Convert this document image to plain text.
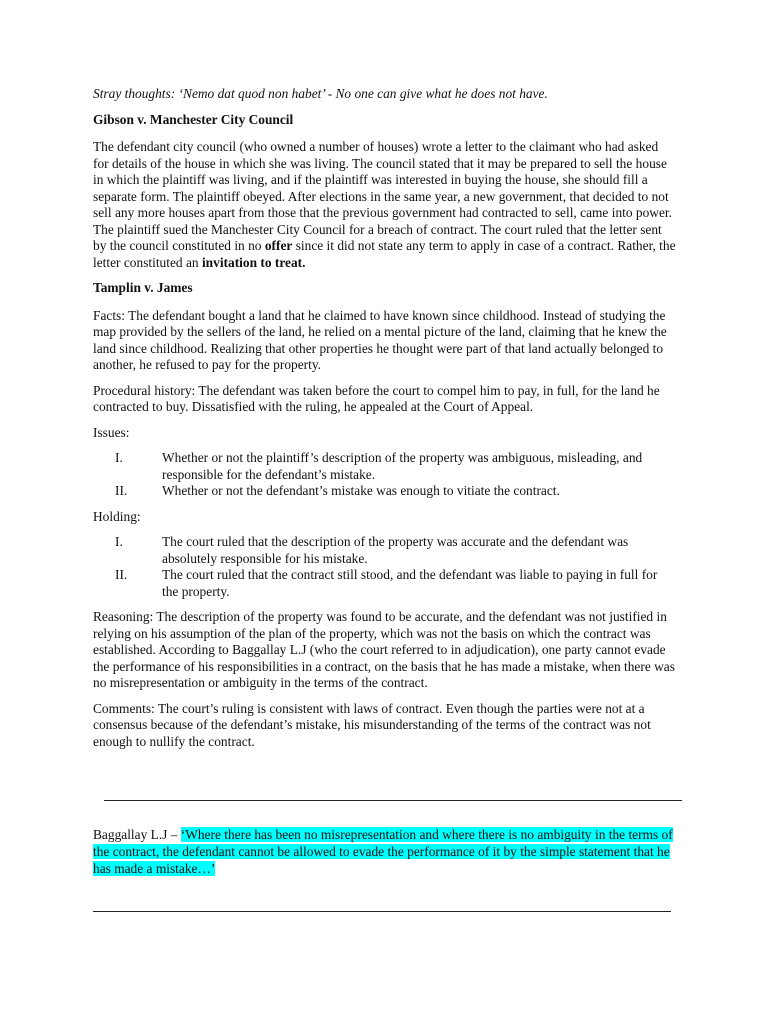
Stray thoughts: ‘Nemo dat quod non habet’ - No one can give what he does not have.

Gibson v. Manchester City Council

The defendant city council (who owned a number of houses) wrote a letter to the claimant who had asked for details of the house in which she was living. The council stated that it may be prepared to sell the house in which the plaintiff was living, and if the plaintiff was interested in buying the house, she should fill a separate form. The plaintiff obeyed. After elections in the same year, a new government, that decided to not sell any more houses apart from those that the previous government had contracted to sell, came into power. The plaintiff sued the Manchester City Council for a breach of contract. The court ruled that the letter sent by the council constituted in no offer since it did not state any term to apply in case of a contract. Rather, the letter constituted an invitation to treat.

Tamplin v. James

Facts: The defendant bought a land that he claimed to have known since childhood. Instead of studying the map provided by the sellers of the land, he relied on a mental picture of the land, claiming that he knew the land since childhood. Realizing that other properties he thought were part of that land actually belonged to another, he refused to pay for the property.

Procedural history: The defendant was taken before the court to compel him to pay, in full, for the land he contracted to buy. Dissatisfied with the ruling, he appealed at the Court of Appeal.

Issues:

I.	Whether or not the plaintiff’s description of the property was ambiguous, misleading, and responsible for the defendant’s mistake.
II.	Whether or not the defendant’s mistake was enough to vitiate the contract.

Holding:

I.	The court ruled that the description of the property was accurate and the defendant was absolutely responsible for his mistake.
II.	The court ruled that the contract still stood, and the defendant was liable to paying in full for the property.

Reasoning: The description of the property was found to be accurate, and the defendant was not justified in relying on his assumption of the plan of the property, which was not the basis on which the contract was established. According to Baggallay L.J (who the court referred to in adjudication), one party cannot evade the performance of his responsibilities in a contract, on the basis that he has made a mistake, when there was no misrepresentation or ambiguity in the terms of the contract.

Comments: The court’s ruling is consistent with laws of contract. Even though the parties were not at a consensus because of the defendant’s mistake, his misunderstanding of the terms of the contract was not enough to nullify the contract.

Baggallay L.J – ‘Where there has been no misrepresentation and where there is no ambiguity in the terms of the contract, the defendant cannot be allowed to evade the performance of it by the simple statement that he has made a mistake…’
